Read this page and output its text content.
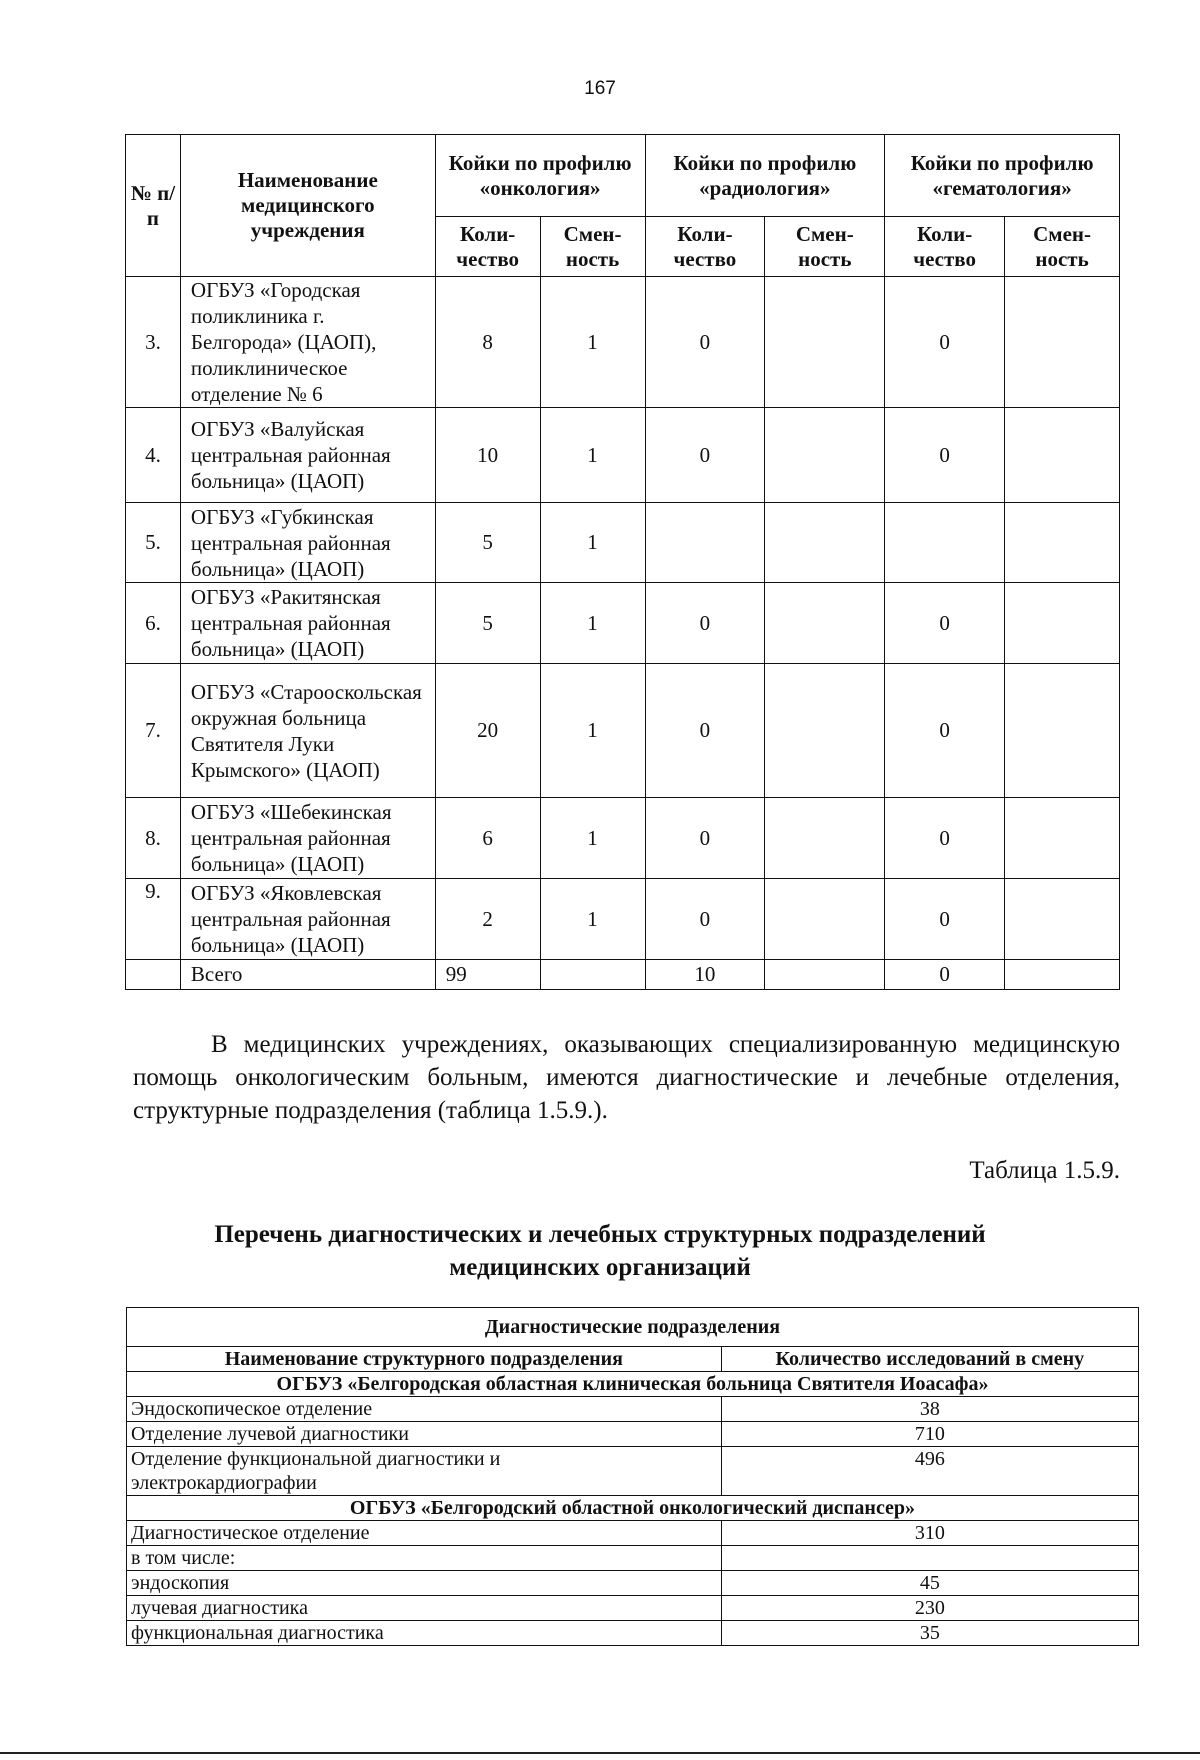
167
№ п/п	Наименование медицинского учреждения	Койки по профилю «онкология»		Койки по профилю «радиология»		Койки по профилю «гематология»	
		Коли-чество	Смен-ность	Коли-чество	Смен-ность	Коли-чество	Смен-ность
3.	ОГБУЗ «Городская поликлиника г. Белгорода» (ЦАОП), поликлиническое отделение № 6	8	1	0		0	
4.	ОГБУЗ «Валуйская центральная районная больница» (ЦАОП)	10	1	0		0	
5.	ОГБУЗ «Губкинская центральная районная больница» (ЦАОП)	5	1				
6.	ОГБУЗ «Ракитянская центральная районная больница» (ЦАОП)	5	1	0		0	
7.	ОГБУЗ «Старооскольская окружная больница Святителя Луки Крымского» (ЦАОП)	20	1	0		0	
8.	ОГБУЗ «Шебекинская центральная районная больница» (ЦАОП)	6	1	0		0	
9.	ОГБУЗ «Яковлевская центральная районная больница» (ЦАОП)	2	1	0		0	
	Всего	99		10		0	
В медицинских учреждениях, оказывающих специализированную медицинскую помощь онкологическим больным, имеются диагностические и лечебные отделения, структурные подразделения (таблица 1.5.9.).
Таблица 1.5.9.
Перечень диагностических и лечебных структурных подразделений
медицинских организаций
Диагностические подразделения	
Наименование структурного подразделения	Количество исследований в смену
ОГБУЗ «Белгородская областная клиническая больница Святителя Иоасафа»	
Эндоскопическое отделение	38
Отделение лучевой диагностики	710

Отделение функциональной диагностики и электрокардиографии	496
ОГБУЗ «Белгородский областной онкологический диспансер»	
Диагностическое отделение	310
в том числе:	
эндоскопия	45
лучевая диагностика	230
функциональная диагностика	35
